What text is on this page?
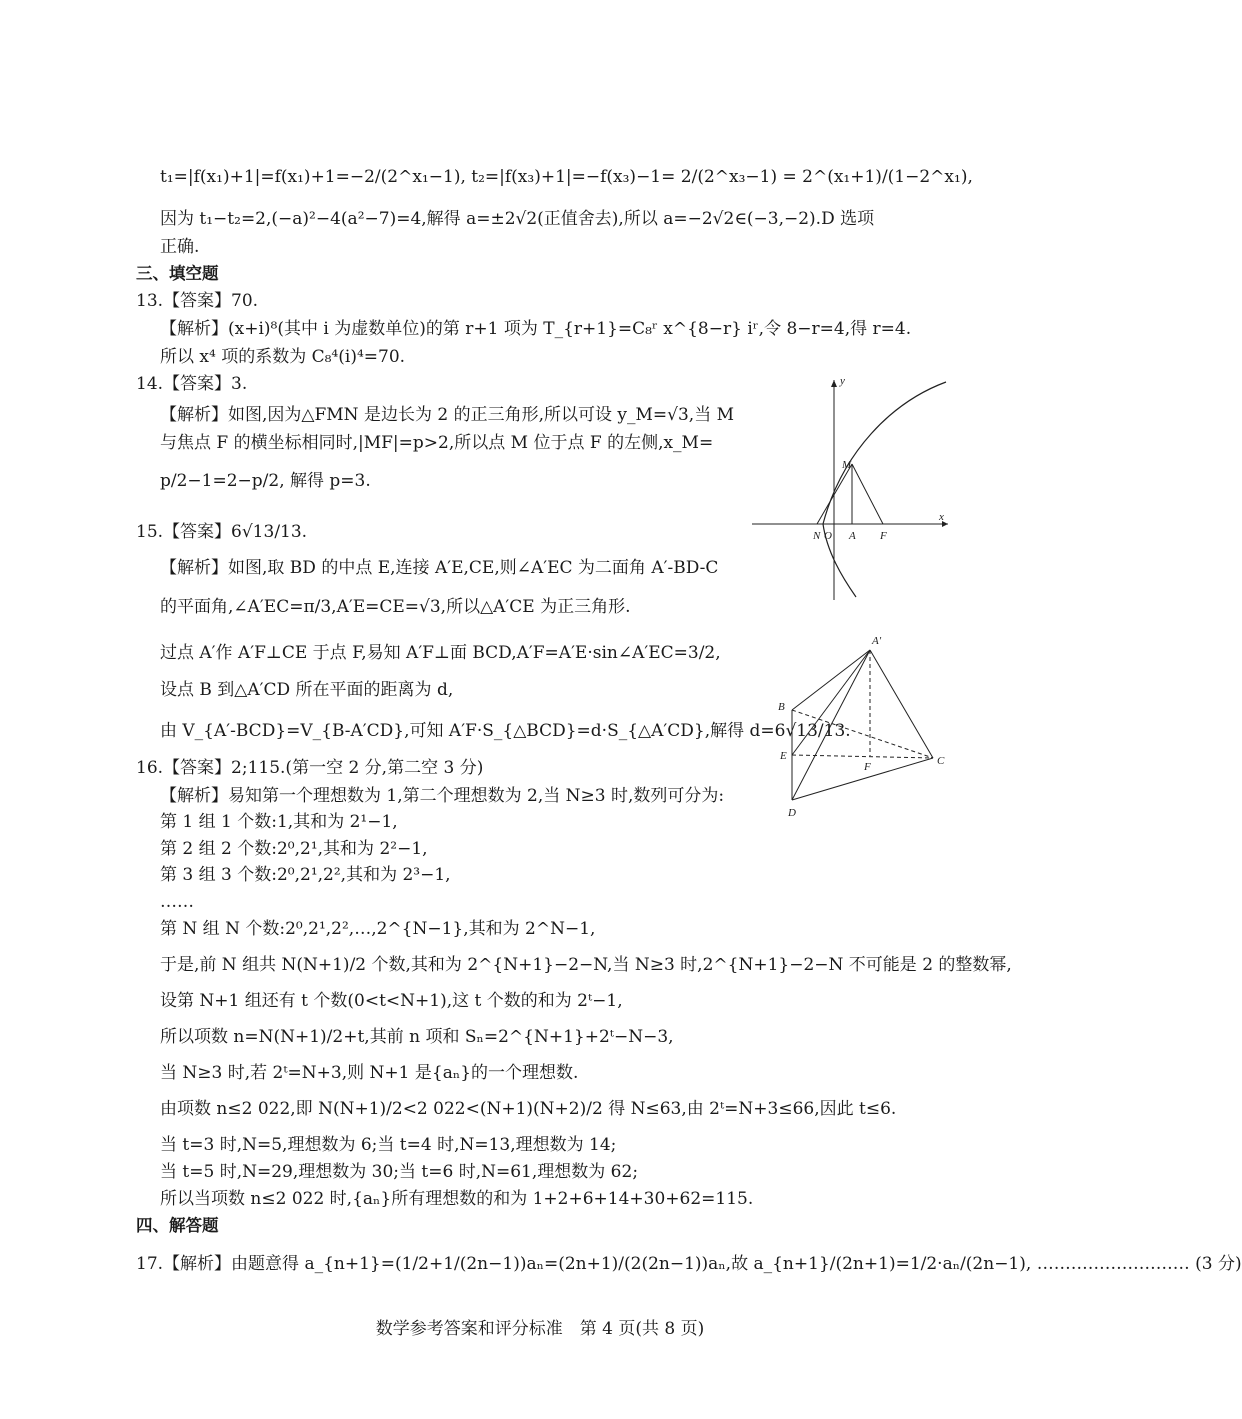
t₁=|f(x₁)+1|=f(x₁)+1=−2/(2^x₁−1), t₂=|f(x₃)+1|=−f(x₃)−1= 2/(2^x₃−1) = 2^(x₁+1)/(1−2^x₁),
因为 t₁−t₂=2,(−a)²−4(a²−7)=4,解得 a=±2√2(正值舍去),所以 a=−2√2∈(−3,−2).D 选项
正确.
三、填空题
13.【答案】70.
【解析】(x+i)⁸(其中 i 为虚数单位)的第 r+1 项为 T_{r+1}=C₈ʳ x^{8−r} iʳ,令 8−r=4,得 r=4.
所以 x⁴ 项的系数为 C₈⁴(i)⁴=70.
14.【答案】3.
【解析】如图,因为△FMN 是边长为 2 的正三角形,所以可设 y_M=√3,当 M
与焦点 F 的横坐标相同时,|MF|=p>2,所以点 M 位于点 F 的左侧,x_M=
p/2−1=2−p/2, 解得 p=3.
15.【答案】6√13/13.
【解析】如图,取 BD 的中点 E,连接 A′E,CE,则∠A′EC 为二面角 A′-BD-C
的平面角,∠A′EC=π/3,A′E=CE=√3,所以△A′CE 为正三角形.
过点 A′作 A′F⊥CE 于点 F,易知 A′F⊥面 BCD,A′F=A′E·sin∠A′EC=3/2,
设点 B 到△A′CD 所在平面的距离为 d,
由 V_{A′-BCD}=V_{B-A′CD},可知 A′F·S_{△BCD}=d·S_{△A′CD},解得 d=6√13/13.
16.【答案】2;115.(第一空 2 分,第二空 3 分)
【解析】易知第一个理想数为 1,第二个理想数为 2,当 N≥3 时,数列可分为:
第 1 组 1 个数:1,其和为 2¹−1,
第 2 组 2 个数:2⁰,2¹,其和为 2²−1,
第 3 组 3 个数:2⁰,2¹,2²,其和为 2³−1,
……
第 N 组 N 个数:2⁰,2¹,2²,…,2^{N−1},其和为 2^N−1,
于是,前 N 组共 N(N+1)/2 个数,其和为 2^{N+1}−2−N,当 N≥3 时,2^{N+1}−2−N 不可能是 2 的整数幂,
设第 N+1 组还有 t 个数(0<t<N+1),这 t 个数的和为 2ᵗ−1,
所以项数 n=N(N+1)/2+t,其前 n 项和 Sₙ=2^{N+1}+2ᵗ−N−3,
当 N≥3 时,若 2ᵗ=N+3,则 N+1 是{aₙ}的一个理想数.
由项数 n≤2 022,即 N(N+1)/2<2 022<(N+1)(N+2)/2 得 N≤63,由 2ᵗ=N+3≤66,因此 t≤6.
当 t=3 时,N=5,理想数为 6;当 t=4 时,N=13,理想数为 14;
当 t=5 时,N=29,理想数为 30;当 t=6 时,N=61,理想数为 62;
所以当项数 n≤2 022 时,{aₙ}所有理想数的和为 1+2+6+14+30+62=115.
四、解答题
17.【解析】由题意得 a_{n+1}=(1/2+1/(2n−1))aₙ=(2n+1)/(2(2n−1))aₙ,故 a_{n+1}/(2n+1)=1/2·aₙ/(2n−1), ……………………… (3 分)
y
x
M
N O A F
A′
B
C
D
E
F
数学参考答案和评分标准　第 4 页(共 8 页)
